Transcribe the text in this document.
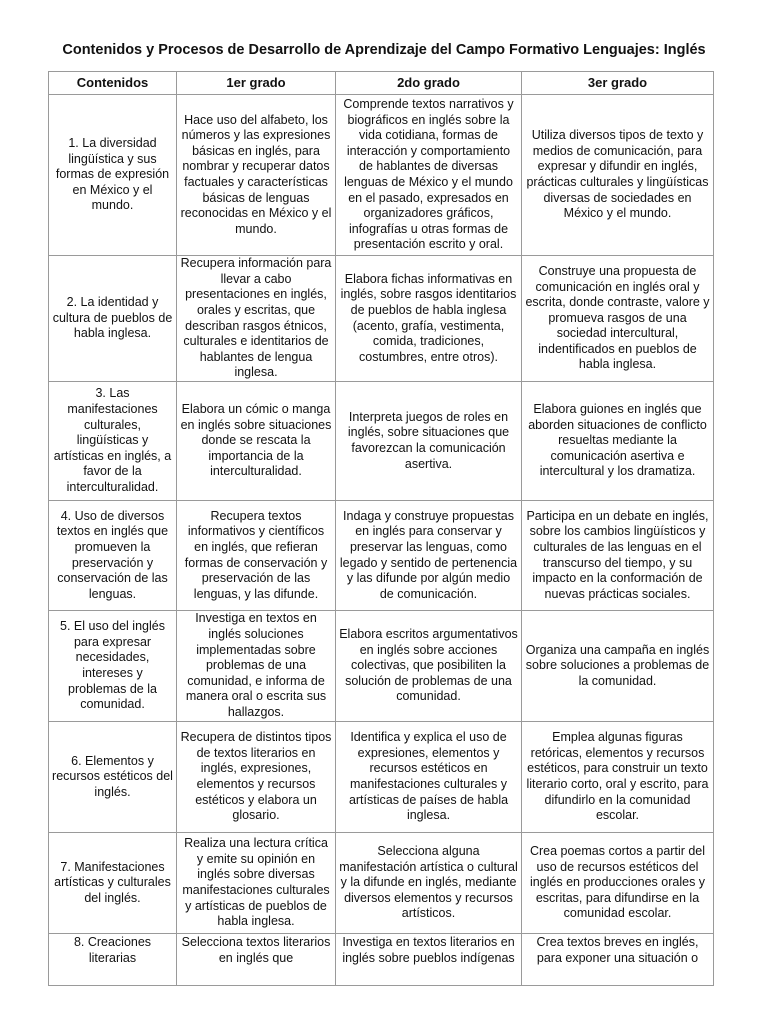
Contenidos y Procesos de Desarrollo de Aprendizaje del Campo Formativo Lenguajes: Inglés
Contenidos	1er grado	2do grado	3er grado
1. La diversidad lingüística y sus formas de expresión en México y el mundo.	Hace uso del alfabeto, los números y las expresiones básicas en inglés, para nombrar y recuperar datos factuales y características básicas de lenguas reconocidas en México y el mundo.	Comprende textos narrativos y biográficos en inglés sobre la vida cotidiana, formas de interacción y comportamiento de hablantes de diversas lenguas de México y el mundo en el pasado, expresados en organizadores gráficos, infografías u otras formas de presentación escrito y oral.	Utiliza diversos tipos de texto y medios de comunicación, para expresar y difundir en inglés, prácticas culturales y lingüísticas diversas de sociedades en México y el mundo.
2. La identidad y cultura de pueblos de habla inglesa.	Recupera información para llevar a cabo presentaciones en inglés, orales y escritas, que describan rasgos étnicos, culturales e identitarios de hablantes de lengua inglesa.	Elabora fichas informativas en inglés, sobre rasgos identitarios de pueblos de habla inglesa (acento, grafía, vestimenta, comida, tradiciones, costumbres, entre otros).	Construye una propuesta de comunicación en inglés oral y escrita, donde contraste, valore y promueva rasgos de una sociedad intercultural, indentificados en pueblos de habla inglesa.
3. Las manifestaciones culturales, lingüísticas y artísticas en inglés, a favor de la interculturalidad.	Elabora un cómic o manga en inglés sobre situaciones donde se rescata la importancia de la interculturalidad.	Interpreta juegos de roles en inglés, sobre situaciones que favorezcan la comunicación asertiva.	Elabora guiones en inglés que aborden situaciones de conflicto resueltas mediante la comunicación asertiva e intercultural y los dramatiza.
4. Uso de diversos textos en inglés que promueven la preservación y conservación de las lenguas.	Recupera textos informativos y científicos en inglés, que refieran formas de conservación y preservación de las lenguas, y las difunde.	Indaga y construye propuestas en inglés para conservar y preservar las lenguas, como legado y sentido de pertenencia y las difunde por algún medio de comunicación.	Participa en un debate en inglés, sobre los cambios lingüísticos y culturales de las lenguas en el transcurso del tiempo, y su impacto en la conformación de nuevas prácticas sociales.
5. El uso del inglés para expresar necesidades, intereses y problemas de la comunidad.	Investiga en textos en inglés soluciones implementadas sobre problemas de una comunidad, e informa de manera oral o escrita sus hallazgos.	Elabora escritos argumentativos en inglés sobre acciones colectivas, que posibiliten la solución de problemas de una comunidad.	Organiza una campaña en inglés sobre soluciones a problemas de la comunidad.
6. Elementos y recursos estéticos del inglés.	Recupera de distintos tipos de textos literarios en inglés, expresiones, elementos y recursos estéticos y elabora un glosario.	Identifica y explica el uso de expresiones, elementos y recursos estéticos en manifestaciones culturales y artísticas de países de habla inglesa.	Emplea algunas figuras retóricas, elementos y recursos estéticos, para construir un texto literario corto, oral y escrito, para difundirlo en la comunidad escolar.
7. Manifestaciones artísticas y culturales del inglés.	Realiza una lectura crítica y emite su opinión en inglés sobre diversas manifestaciones culturales y artísticas de pueblos de habla inglesa.	Selecciona alguna manifestación artística o cultural y la difunde en inglés, mediante diversos elementos y recursos artísticos.	Crea poemas cortos a partir del uso de recursos estéticos del inglés en producciones orales y escritas, para difundirse en la comunidad escolar.
8. Creaciones literarias	Selecciona textos literarios en inglés que	Investiga en textos literarios en inglés sobre pueblos indígenas	Crea textos breves en inglés, para exponer una situación o
